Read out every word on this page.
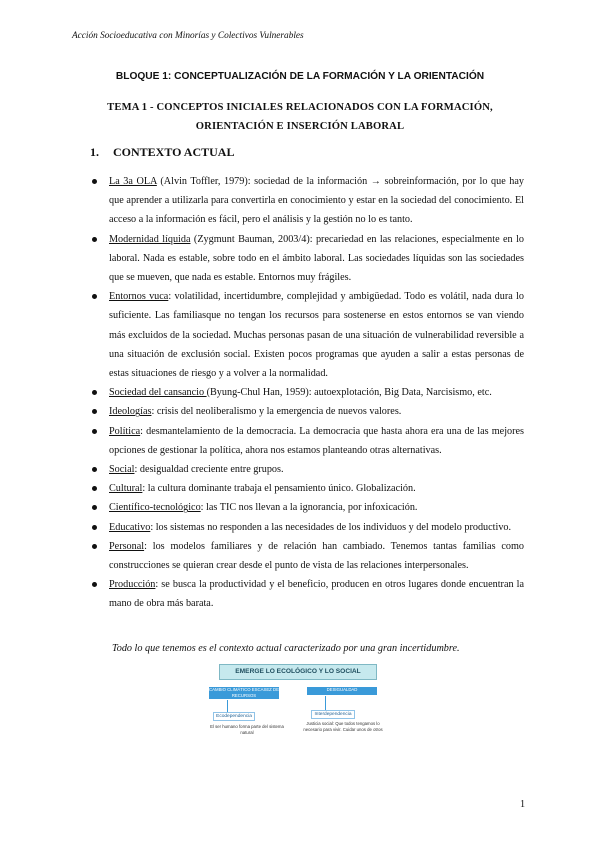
Acción Socioeducativa con Minorías y Colectivos Vulnerables
BLOQUE 1: CONCEPTUALIZACIÓN DE LA FORMACIÓN Y LA ORIENTACIÓN
TEMA 1 - CONCEPTOS INICIALES RELACIONADOS CON LA FORMACIÓN, ORIENTACIÓN E INSERCIÓN LABORAL
1. CONTEXTO ACTUAL
La 3a OLA (Alvin Toffler, 1979): sociedad de la información → sobreinformación, por lo que hay que aprender a utilizarla para convertirla en conocimiento y estar en la sociedad del conocimiento. El acceso a la información es fácil, pero el análisis y la gestión no lo es tanto.
Modernidad líquida (Zygmunt Bauman, 2003/4): precariedad en las relaciones, especialmente en lo laboral. Nada es estable, sobre todo en el ámbito laboral. Las sociedades líquidas son las sociedades que se mueven, que nada es estable. Entornos muy frágiles.
Entornos vuca: volatilidad, incertidumbre, complejidad y ambigüedad. Todo es volátil, nada dura lo suficiente. Las familiasque no tengan los recursos para sostenerse en estos entornos se van viendo más excluidos de la sociedad. Muchas personas pasan de una situación de vulnerabilidad reversible a una situación de exclusión social. Existen pocos programas que ayuden a salir a estas personas de estas situaciones de riesgo y a volver a la normalidad.
Sociedad del cansancio (Byung-Chul Han, 1959): autoexplotación, Big Data, Narcisismo, etc.
Ideologías: crisis del neoliberalismo y la emergencia de nuevos valores.
Política: desmantelamiento de la democracia. La democracia que hasta ahora era una de las mejores opciones de gestionar la política, ahora nos estamos planteando otras alternativas.
Social: desigualdad creciente entre grupos.
Cultural: la cultura dominante trabaja el pensamiento único. Globalización.
Científico-tecnológico: las TIC nos llevan a la ignorancia, por infoxicación.
Educativo: los sistemas no responden a las necesidades de los individuos y del modelo productivo.
Personal: los modelos familiares y de relación han cambiado. Tenemos tantas familias como construcciones se quieran crear desde el punto de vista de las relaciones interpersonales.
Producción: se busca la productividad y el beneficio, producen en otros lugares donde encuentran la mano de obra más barata.
Todo lo que tenemos es el contexto actual caracterizado por una gran incertidumbre.
EMERGE LO ECOLÓGICO Y LO SOCIAL
CAMBIO CLIMÁTICO ESCASEZ DE RECURSOS
DESIGUALDAD
Ecodependencia	Interdependencia
El ser humano forma parte del sistema natural
Justicia social: Que todos tengamos lo necesario para vivir. Cuidar unos de otros
1
